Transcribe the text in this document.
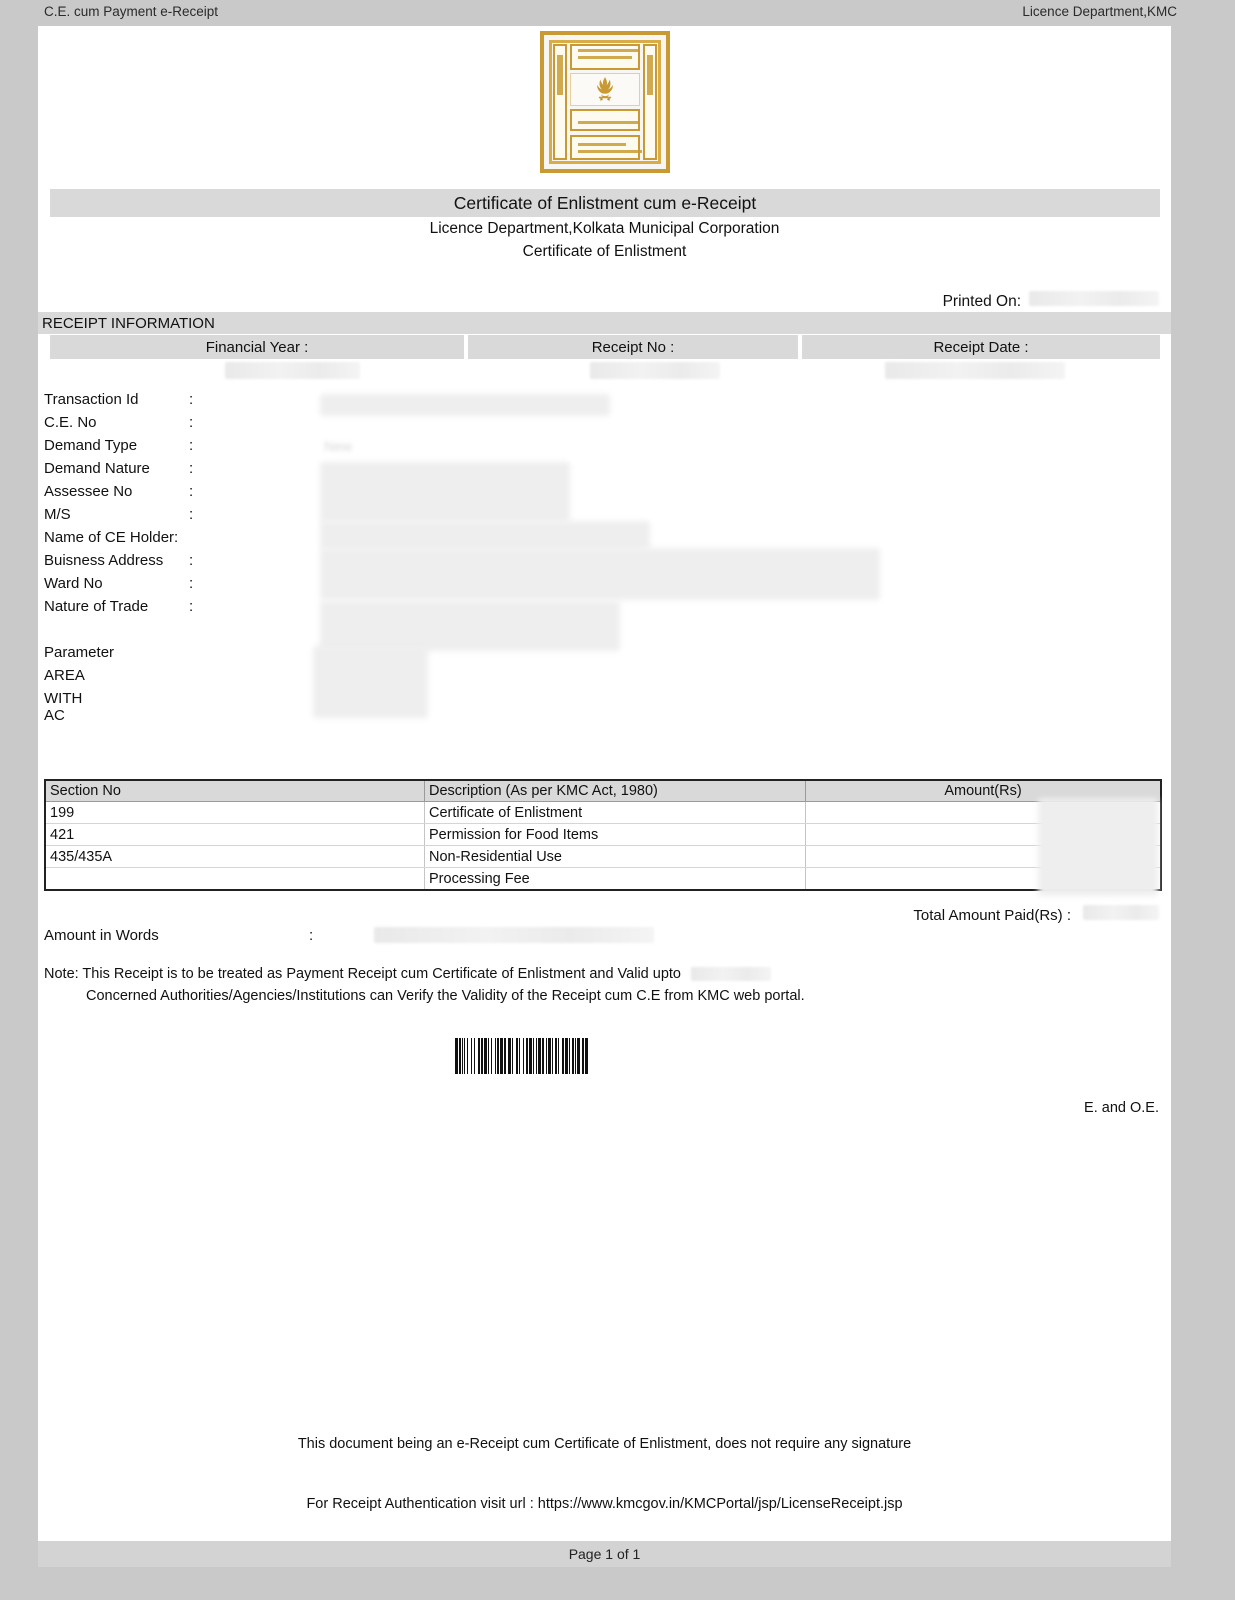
C.E. cum Payment e-Receipt	Licence Department,KMC
Certificate of Enlistment cum e-Receipt
Licence Department,Kolkata Municipal Corporation
Certificate of Enlistment
Printed On:
RECEIPT INFORMATION
Financial Year :	Receipt No :	Receipt Date :
Transaction Id	:
C.E. No	:
Demand Type	:	New
Demand Nature	:
Assessee No	:
M/S	:
Name of CE Holder:
Buisness Address :
Ward No	:
Nature of Trade	:
Parameter
AREA
WITH AC
Section No	Description (As per KMC Act, 1980)	Amount(Rs)
199	Certificate of Enlistment	
421	Permission for Food Items	
435/435A	Non-Residential Use	
	Processing Fee	
Total Amount Paid(Rs) :
Amount in Words	:
Note: This Receipt is to be treated as Payment Receipt cum Certificate of Enlistment and Valid upto
Concerned Authorities/Agencies/Institutions can Verify the Validity of the Receipt cum C.E from KMC web portal.
E. and O.E.
This document being an e-Receipt cum Certificate of Enlistment, does not require any signature
For Receipt Authentication visit url : https://www.kmcgov.in/KMCPortal/jsp/LicenseReceipt.jsp
Page 1 of 1
